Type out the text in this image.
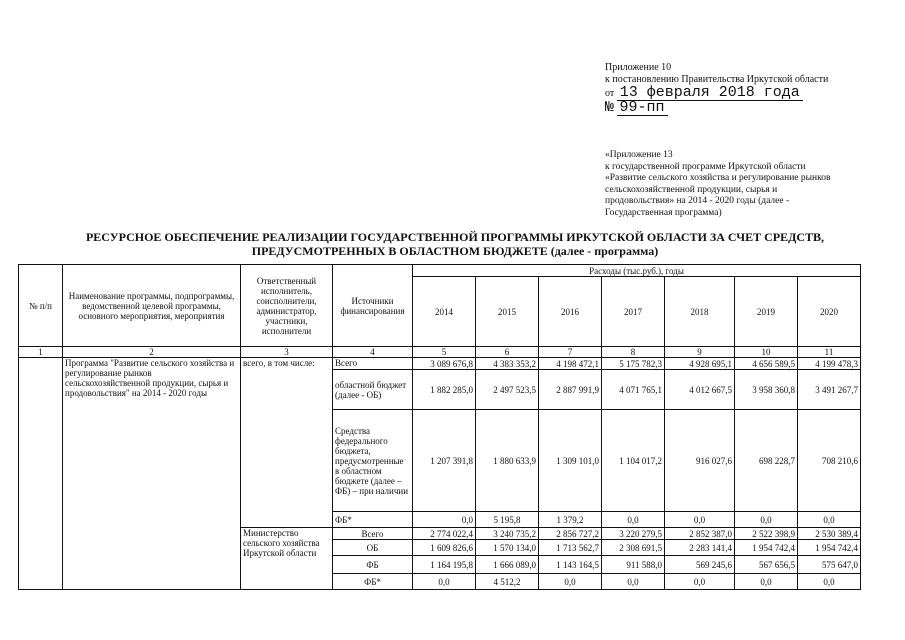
Приложение 10
к постановлению Правительства Иркутской области
от 13 февраля 2018 года
№ 99-пп
«Приложение 13
к государственной программе Иркутской области
«Развитие сельского хозяйства и регулирование рынков
сельскохозяйственной продукции, сырья и
продовольствия» на 2014 - 2020 годы (далее -
Государственная программа)
РЕСУРСНОЕ ОБЕСПЕЧЕНИЕ РЕАЛИЗАЦИИ ГОСУДАРСТВЕННОЙ ПРОГРАММЫ ИРКУТСКОЙ ОБЛАСТИ ЗА СЧЕТ СРЕДСТВ,
ПРЕДУСМОТРЕННЫХ В ОБЛАСТНОМ БЮДЖЕТЕ (далее - программа)
№ п/п	Наименование программы, подпрограммы, ведомственной целевой программы, основного мероприятия, мероприятия	Ответственный исполнитель, соисполнители, администратор, участники, исполнители	Источники финансирования	Расходы (тыс.руб.), годы						
				2014	2015	2016	2017	2018	2019	2020
1	2	3	4	5	6	7	8	9	10	11
	Программа "Развитие сельского хозяйства и регулирование рынков сельскохозяйственной продукции, сырья и продовольствия" на 2014 - 2020 годы	всего, в том числе:	Всего	3 089 676,8	4 383 353,2	4 198 472,1	5 175 782,3	4 928 695,1	4 656 589,5	4 199 478,3
			областной бюджет (далее - ОБ)	1 882 285,0	2 497 523,5	2 887 991,9	4 071 765,1	4 012 667,5	3 958 360,8	3 491 267,7
			Средства федерального бюджета, предусмотренные в областном бюджете (далее – ФБ) – при наличии	1 207 391,8	1 880 633,9	1 309 101,0	1 104 017,2	916 027,6	698 228,7	708 210,6
			ФБ*	0,0	5 195,8	1 379,2	0,0	0,0	0,0	0,0
		Министерство сельского хозяйства Иркутской области	Всего	2 774 022,4	3 240 735,2	2 856 727,2	3 220 279,5	2 852 387,0	2 522 398,9	2 530 389,4
			ОБ	1 609 826,6	1 570 134,0	1 713 562,7	2 308 691,5	2 283 141,4	1 954 742,4	1 954 742,4
			ФБ	1 164 195,8	1 666 089,0	1 143 164,5	911 588,0	569 245,6	567 656,5	575 647,0
			ФБ*	0,0	4 512,2	0,0	0,0	0,0	0,0	0,0
